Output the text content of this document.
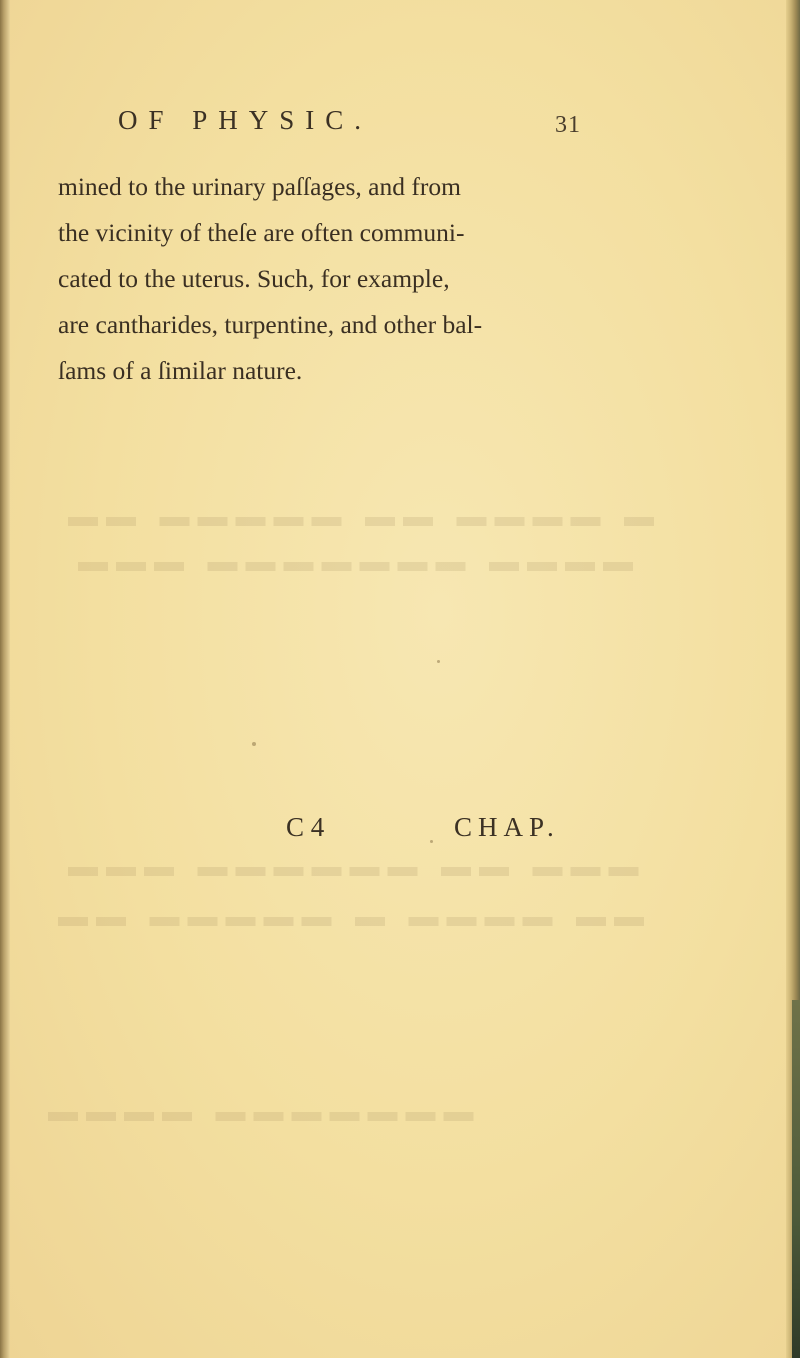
▬ ▬▬▬▬ ▬▬ ▬▬▬▬▬ ▬▬
▬▬▬▬ ▬▬▬▬▬▬▬ ▬▬▬
▬▬▬ ▬▬ ▬▬▬▬▬▬ ▬▬▬
▬▬ ▬▬▬▬ ▬ ▬▬▬▬▬ ▬▬
▬▬▬▬▬▬▬ ▬▬▬▬
OF PHYSIC.	31
mined to the urinary paſſages, and from
the vicinity of theſe are often communi-
cated to the uterus. Such, for example,
are cantharides, turpentine, and other bal-
ſams of a ſimilar nature.
C 4	CHAP.
